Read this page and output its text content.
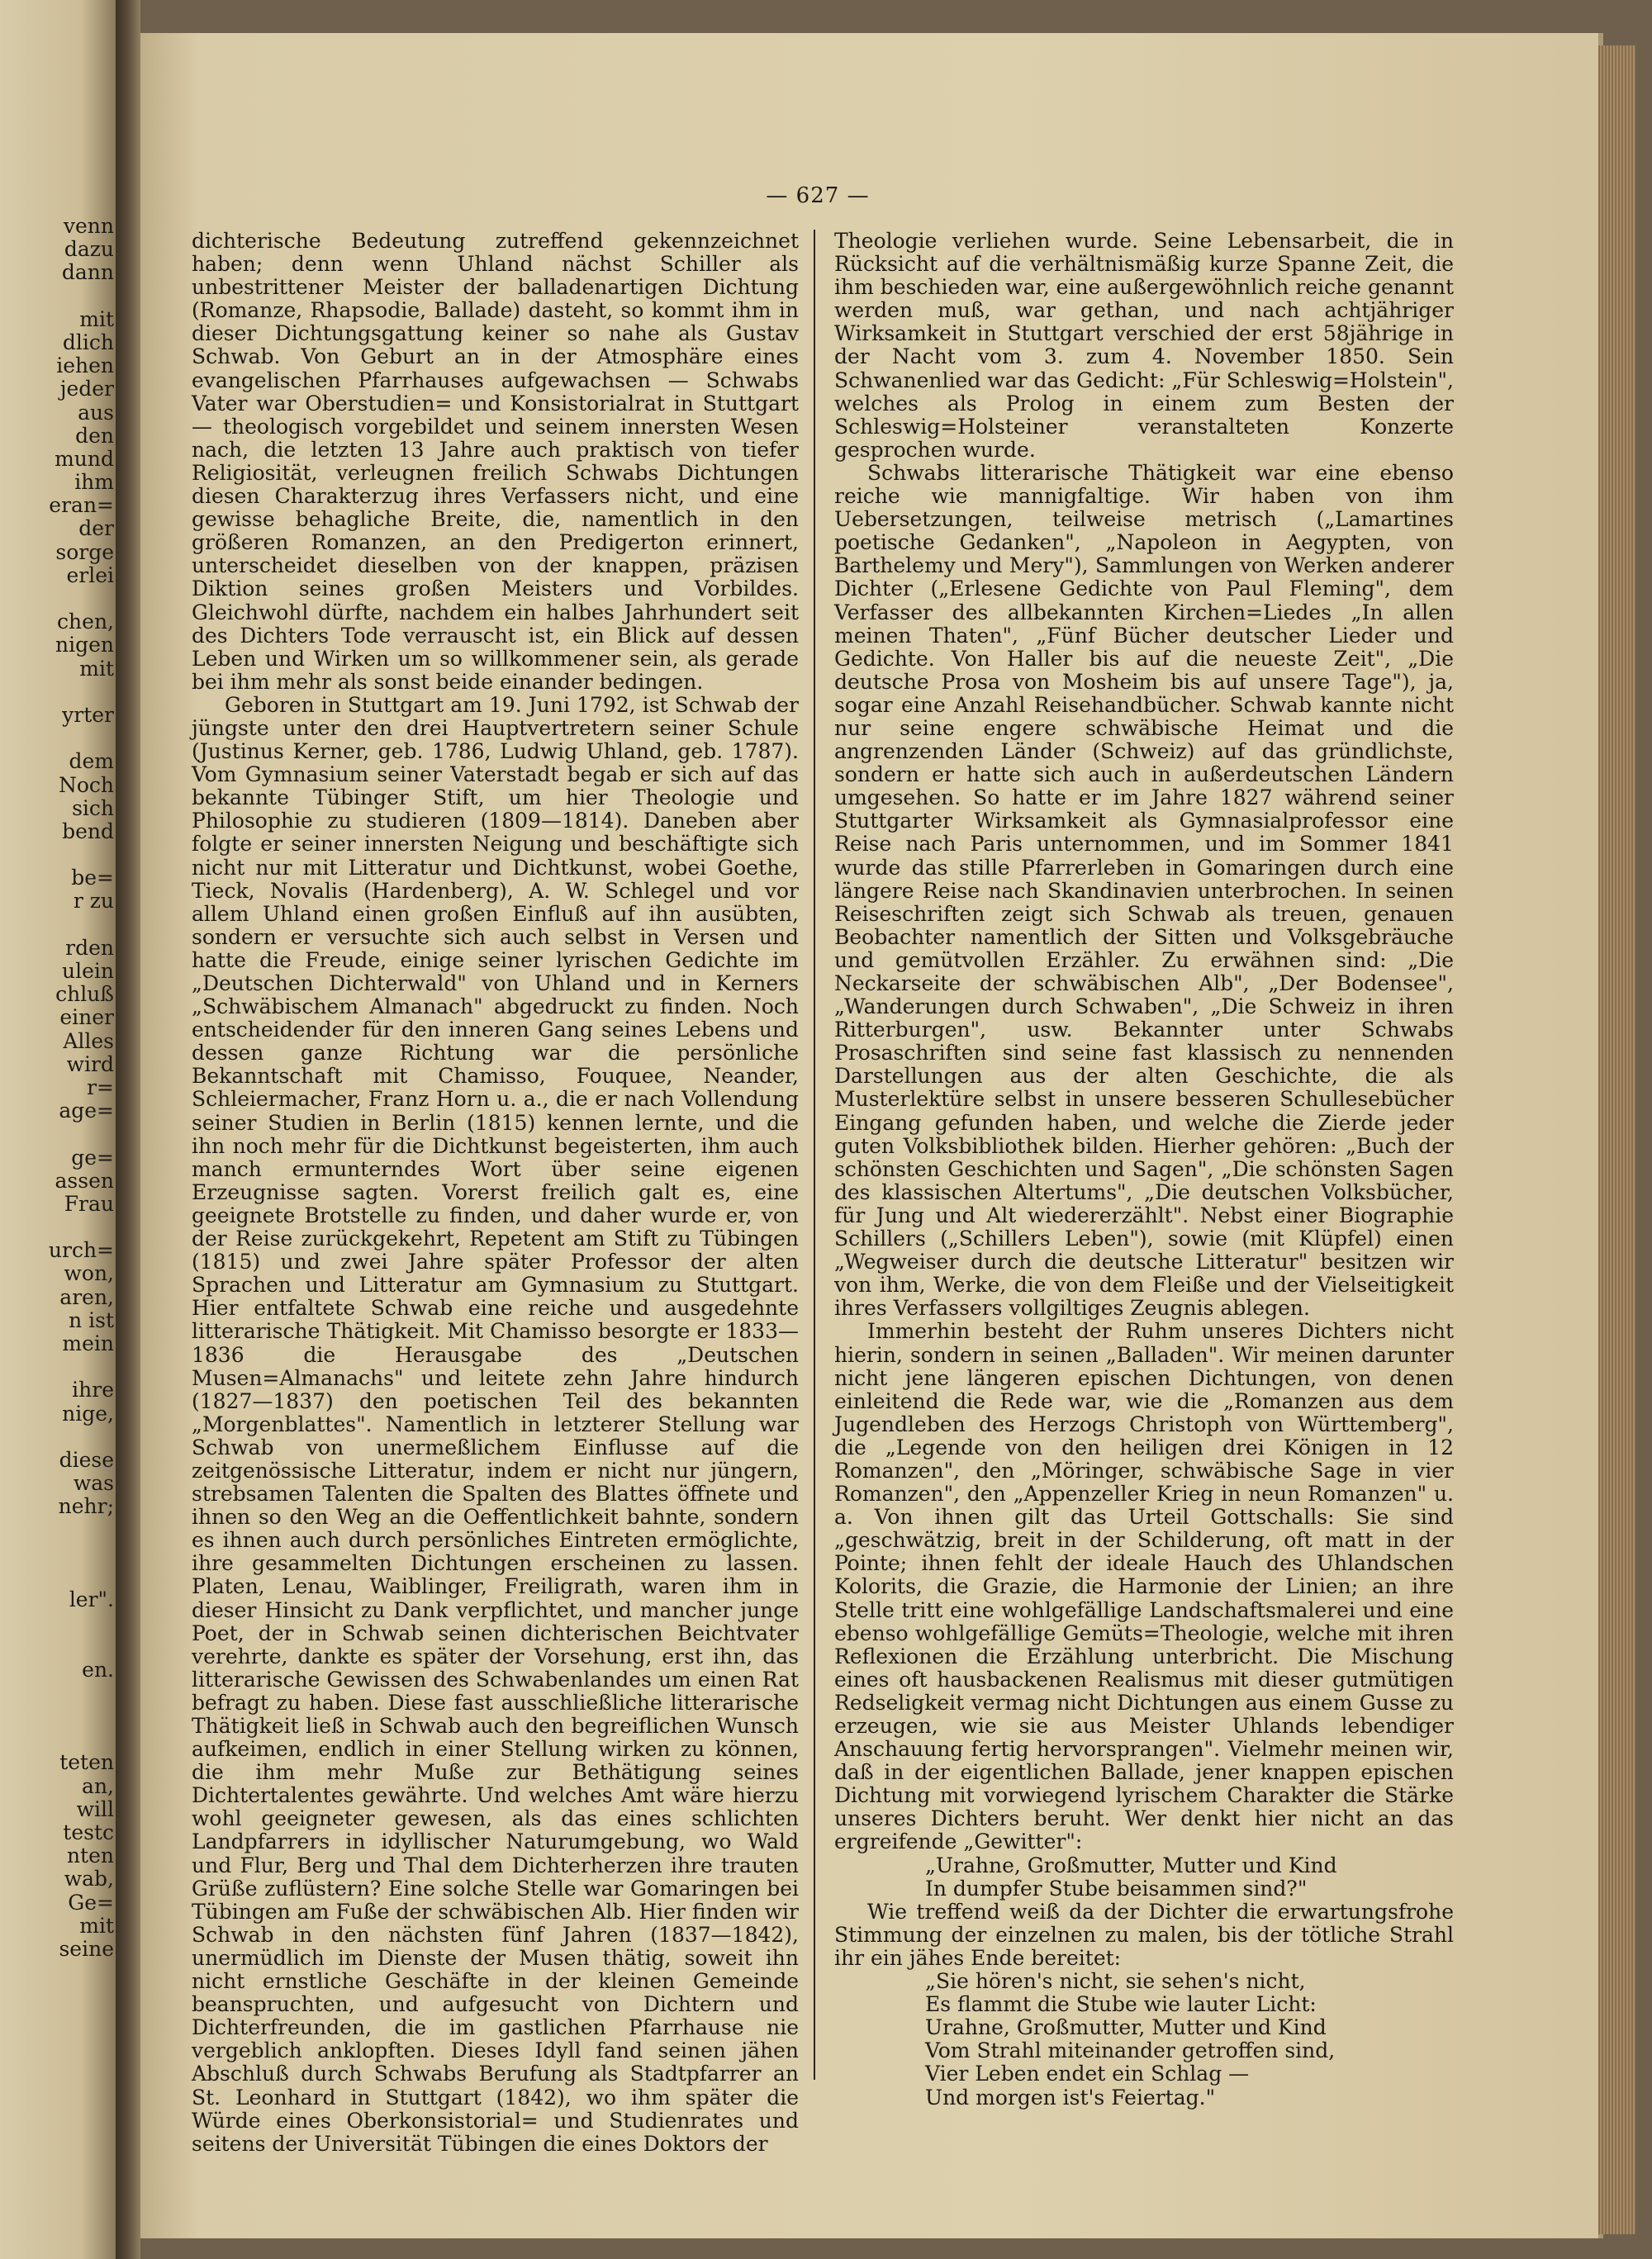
venn
dazu
dann
mit
dlich
iehen
jeder
aus
den
mund
ihm
eran=
der
sorge
erlei
chen,
nigen
mit
yrter
dem
Noch
sich
bend
be=
r zu
rden
ulein
chluß
einer
Alles
wird
r=
age=
ge=
assen
Frau
urch=
won,
aren,
n ist
mein
ihre
nige,
diese
was
nehr;
ler".
en.
teten
an,
will
testc
nten
wab,
Ge=
mit
seine
— 627 —

dichterische Bedeutung zutreffend gekennzeichnet haben; denn wenn Uhland nächst Schiller als unbestrittener Meister der balladenartigen Dichtung (Romanze, Rhapsodie, Ballade) dasteht, so kommt ihm in dieser Dichtungsgattung keiner so nahe als Gustav Schwab. Von Geburt an in der Atmosphäre eines evangelischen Pfarrhauses aufgewachsen — Schwabs Vater war Oberstudien= und Konsistorialrat in Stuttgart — theologisch vorgebildet und seinem innersten Wesen nach, die letzten 13 Jahre auch praktisch von tiefer Religiosität, verleugnen freilich Schwabs Dichtungen diesen Charakterzug ihres Verfassers nicht, und eine gewisse behagliche Breite, die, namentlich in den größeren Romanzen, an den Predigerton erinnert, unterscheidet dieselben von der knappen, präzisen Diktion seines großen Meisters und Vorbildes. Gleichwohl dürfte, nachdem ein halbes Jahrhundert seit des Dichters Tode verrauscht ist, ein Blick auf dessen Leben und Wirken um so willkommener sein, als gerade bei ihm mehr als sonst beide einander bedingen.

Geboren in Stuttgart am 19. Juni 1792, ist Schwab der jüngste unter den drei Hauptvertretern seiner Schule (Justinus Kerner, geb. 1786, Ludwig Uhland, geb. 1787). Vom Gymnasium seiner Vaterstadt begab er sich auf das bekannte Tübinger Stift, um hier Theologie und Philosophie zu studieren (1809—1814). Daneben aber folgte er seiner innersten Neigung und beschäftigte sich nicht nur mit Litteratur und Dichtkunst, wobei Goethe, Tieck, Novalis (Hardenberg), A. W. Schlegel und vor allem Uhland einen großen Einfluß auf ihn ausübten, sondern er versuchte sich auch selbst in Versen und hatte die Freude, einige seiner lyrischen Gedichte im „Deutschen Dichterwald" von Uhland und in Kerners „Schwäbischem Almanach" abgedruckt zu finden. Noch entscheidender für den inneren Gang seines Lebens und dessen ganze Richtung war die persönliche Bekanntschaft mit Chamisso, Fouquee, Neander, Schleiermacher, Franz Horn u. a., die er nach Vollendung seiner Studien in Berlin (1815) kennen lernte, und die ihn noch mehr für die Dichtkunst begeisterten, ihm auch manch ermunterndes Wort über seine eigenen Erzeugnisse sagten. Vorerst freilich galt es, eine geeignete Brotstelle zu finden, und daher wurde er, von der Reise zurückgekehrt, Repetent am Stift zu Tübingen (1815) und zwei Jahre später Professor der alten Sprachen und Litteratur am Gymnasium zu Stuttgart. Hier entfaltete Schwab eine reiche und ausgedehnte litterarische Thätigkeit. Mit Chamisso besorgte er 1833—1836 die Herausgabe des „Deutschen Musen=Almanachs" und leitete zehn Jahre hindurch (1827—1837) den poetischen Teil des bekannten „Morgenblattes". Namentlich in letzterer Stellung war Schwab von unermeßlichem Einflusse auf die zeitgenössische Litteratur, indem er nicht nur jüngern, strebsamen Talenten die Spalten des Blattes öffnete und ihnen so den Weg an die Oeffentlichkeit bahnte, sondern es ihnen auch durch persönliches Eintreten ermöglichte, ihre gesammelten Dichtungen erscheinen zu lassen. Platen, Lenau, Waiblinger, Freiligrath, waren ihm in dieser Hinsicht zu Dank verpflichtet, und mancher junge Poet, der in Schwab seinen dichterischen Beichtvater verehrte, dankte es später der Vorsehung, erst ihn, das litterarische Gewissen des Schwabenlandes um einen Rat befragt zu haben. Diese fast ausschließliche litterarische Thätigkeit ließ in Schwab auch den begreiflichen Wunsch aufkeimen, endlich in einer Stellung wirken zu können, die ihm mehr Muße zur Bethätigung seines Dichtertalentes gewährte. Und welches Amt wäre hierzu wohl geeigneter gewesen, als das eines schlichten Landpfarrers in idyllischer Naturumgebung, wo Wald und Flur, Berg und Thal dem Dichterherzen ihre trauten Grüße zuflüstern? Eine solche Stelle war Gomaringen bei Tübingen am Fuße der schwäbischen Alb. Hier finden wir Schwab in den nächsten fünf Jahren (1837—1842), unermüdlich im Dienste der Musen thätig, soweit ihn nicht ernstliche Geschäfte in der kleinen Gemeinde beanspruchten, und aufgesucht von Dichtern und Dichterfreunden, die im gastlichen Pfarrhause nie vergeblich anklopften. Dieses Idyll fand seinen jähen Abschluß durch Schwabs Berufung als Stadtpfarrer an St. Leonhard in Stuttgart (1842), wo ihm später die Würde eines Oberkonsistorial= und Studienrates und seitens der Universität Tübingen die eines Doktors der

Theologie verliehen wurde. Seine Lebensarbeit, die in Rücksicht auf die verhältnismäßig kurze Spanne Zeit, die ihm beschieden war, eine außergewöhnlich reiche genannt werden muß, war gethan, und nach achtjähriger Wirksamkeit in Stuttgart verschied der erst 58jährige in der Nacht vom 3. zum 4. November 1850. Sein Schwanenlied war das Gedicht: „Für Schleswig=Holstein", welches als Prolog in einem zum Besten der Schleswig=Holsteiner veranstalteten Konzerte gesprochen wurde.

Schwabs litterarische Thätigkeit war eine ebenso reiche wie mannigfaltige. Wir haben von ihm Uebersetzungen, teilweise metrisch („Lamartines poetische Gedanken", „Napoleon in Aegypten, von Barthelemy und Mery"), Sammlungen von Werken anderer Dichter („Erlesene Gedichte von Paul Fleming", dem Verfasser des allbekannten Kirchen=Liedes „In allen meinen Thaten", „Fünf Bücher deutscher Lieder und Gedichte. Von Haller bis auf die neueste Zeit", „Die deutsche Prosa von Mosheim bis auf unsere Tage"), ja, sogar eine Anzahl Reisehandbücher. Schwab kannte nicht nur seine engere schwäbische Heimat und die angrenzenden Länder (Schweiz) auf das gründlichste, sondern er hatte sich auch in außerdeutschen Ländern umgesehen. So hatte er im Jahre 1827 während seiner Stuttgarter Wirksamkeit als Gymnasialprofessor eine Reise nach Paris unternommen, und im Sommer 1841 wurde das stille Pfarrerleben in Gomaringen durch eine längere Reise nach Skandinavien unterbrochen. In seinen Reiseschriften zeigt sich Schwab als treuen, genauen Beobachter namentlich der Sitten und Volksgebräuche und gemütvollen Erzähler. Zu erwähnen sind: „Die Neckarseite der schwäbischen Alb", „Der Bodensee", „Wanderungen durch Schwaben", „Die Schweiz in ihren Ritterburgen", usw. Bekannter unter Schwabs Prosaschriften sind seine fast klassisch zu nennenden Darstellungen aus der alten Geschichte, die als Musterlektüre selbst in unsere besseren Schullesebücher Eingang gefunden haben, und welche die Zierde jeder guten Volksbibliothek bilden. Hierher gehören: „Buch der schönsten Geschichten und Sagen", „Die schönsten Sagen des klassischen Altertums", „Die deutschen Volksbücher, für Jung und Alt wiedererzählt". Nebst einer Biographie Schillers („Schillers Leben"), sowie (mit Klüpfel) einen „Wegweiser durch die deutsche Litteratur" besitzen wir von ihm, Werke, die von dem Fleiße und der Vielseitigkeit ihres Verfassers vollgiltiges Zeugnis ablegen.

Immerhin besteht der Ruhm unseres Dichters nicht hierin, sondern in seinen „Balladen". Wir meinen darunter nicht jene längeren epischen Dichtungen, von denen einleitend die Rede war, wie die „Romanzen aus dem Jugendleben des Herzogs Christoph von Württemberg", die „Legende von den heiligen drei Königen in 12 Romanzen", den „Möringer, schwäbische Sage in vier Romanzen", den „Appenzeller Krieg in neun Romanzen" u. a. Von ihnen gilt das Urteil Gottschalls: Sie sind „geschwätzig, breit in der Schilderung, oft matt in der Pointe; ihnen fehlt der ideale Hauch des Uhlandschen Kolorits, die Grazie, die Harmonie der Linien; an ihre Stelle tritt eine wohlgefällige Landschaftsmalerei und eine ebenso wohlgefällige Gemüts=Theologie, welche mit ihren Reflexionen die Erzählung unterbricht. Die Mischung eines oft hausbackenen Realismus mit dieser gutmütigen Redseligkeit vermag nicht Dichtungen aus einem Gusse zu erzeugen, wie sie aus Meister Uhlands lebendiger Anschauung fertig hervorsprangen". Vielmehr meinen wir, daß in der eigentlichen Ballade, jener knappen epischen Dichtung mit vorwiegend lyrischem Charakter die Stärke unseres Dichters beruht. Wer denkt hier nicht an das ergreifende „Gewitter":

„Urahne, Großmutter, Mutter und Kind
In dumpfer Stube beisammen sind?"

Wie treffend weiß da der Dichter die erwartungsfrohe Stimmung der einzelnen zu malen, bis der tötliche Strahl ihr ein jähes Ende bereitet:

„Sie hören's nicht, sie sehen's nicht,
Es flammt die Stube wie lauter Licht:
Urahne, Großmutter, Mutter und Kind
Vom Strahl miteinander getroffen sind,
Vier Leben endet ein Schlag —
Und morgen ist's Feiertag."
